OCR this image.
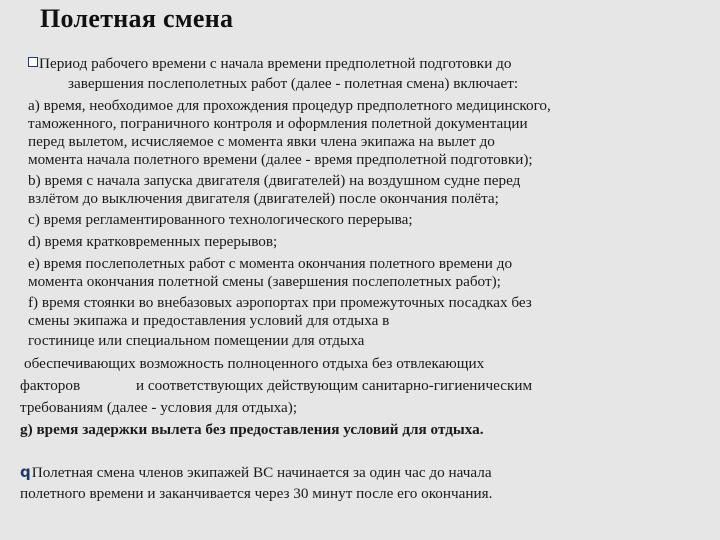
Полетная смена
Период рабочего времени с начала времени предполетной подготовки до
завершения послеполетных работ (далее - полетная смена) включает:
а) время, необходимое для прохождения процедур предполетного медицинского,
таможенного, пограничного контроля и оформления полетной документации
перед вылетом, исчисляемое с момента явки члена экипажа на вылет до
момента начала полетного времени (далее - время предполетной подготовки);
b) время с начала запуска двигателя (двигателей) на воздушном судне перед
взлётом до выключения двигателя (двигателей) после окончания полёта;
с) время регламентированного технологического перерыва;
d) время кратковременных перерывов;
е) время послеполетных работ с момента окончания полетного времени до
момента окончания полетной смены (завершения послеполетных работ);
f) время стоянки во внебазовых аэропортах при промежуточных посадках без
смены экипажа и предоставления условий для отдыха в
гостинице или специальном помещении для отдыха
обеспечивающих возможность полноценного отдыха без отвлекающих
факторов	и соответствующих действующим санитарно-гигиеническим
требованиям (далее - условия для отдыха);
g) время задержки вылета без предоставления условий для отдыха.
qПолетная смена членов экипажей ВС начинается за один час до начала
полетного времени и заканчивается через 30 минут после его окончания.
